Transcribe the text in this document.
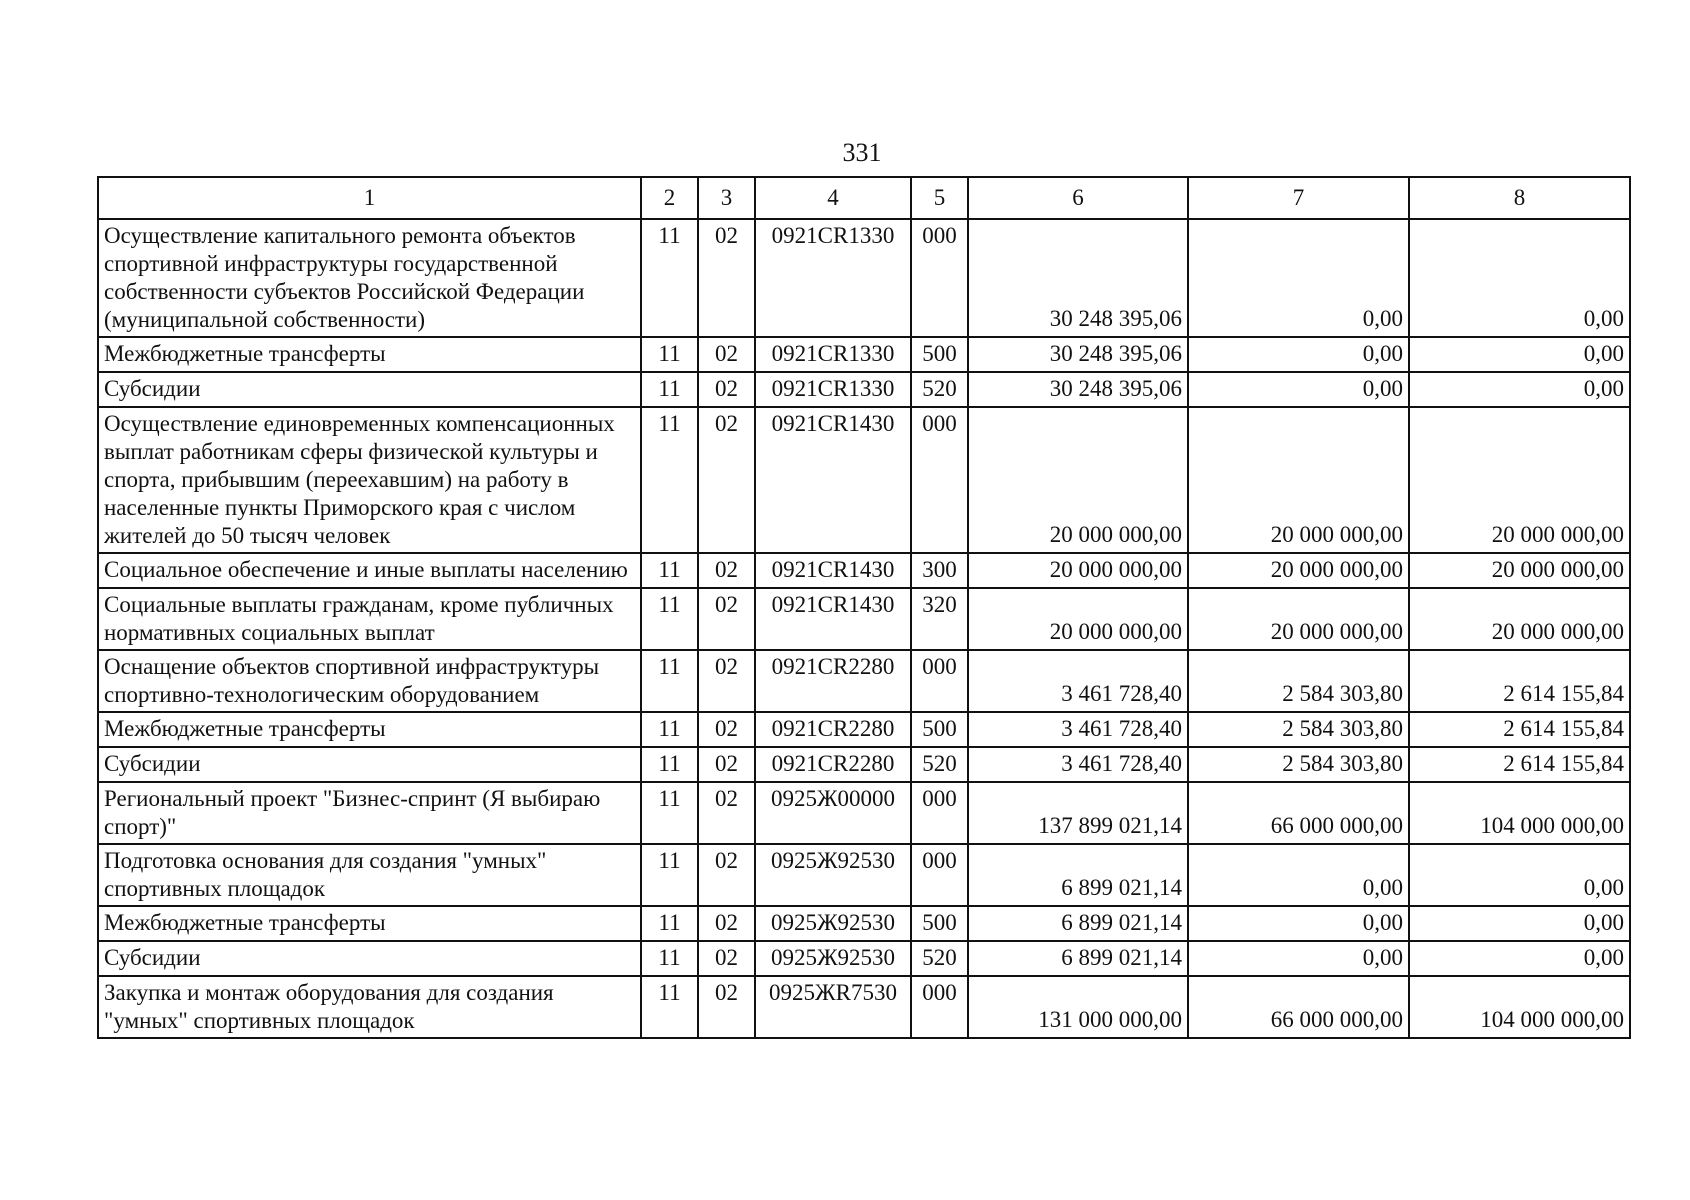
331
1	2	3	4	5	6	7	8
Осуществление капитального ремонта объектов спортивной инфраструктуры государственной собственности субъектов Российской Федерации (муниципальной собственности)	11	02	0921CR1330	000	30 248 395,06	0,00	0,00
Межбюджетные трансферты	11	02	0921CR1330	500	30 248 395,06	0,00	0,00
Субсидии	11	02	0921CR1330	520	30 248 395,06	0,00	0,00
Осуществление единовременных компенсационных выплат работникам сферы физической культуры и спорта, прибывшим (переехавшим) на работу в населенные пункты Приморского края с числом жителей до 50 тысяч человек	11	02	0921CR1430	000	20 000 000,00	20 000 000,00	20 000 000,00
Социальное обеспечение и иные выплаты населению	11	02	0921CR1430	300	20 000 000,00	20 000 000,00	20 000 000,00
Социальные выплаты гражданам, кроме публичных нормативных социальных выплат	11	02	0921CR1430	320	20 000 000,00	20 000 000,00	20 000 000,00
Оснащение объектов спортивной инфраструктуры спортивно-технологическим оборудованием	11	02	0921CR2280	000	3 461 728,40	2 584 303,80	2 614 155,84
Межбюджетные трансферты	11	02	0921CR2280	500	3 461 728,40	2 584 303,80	2 614 155,84
Субсидии	11	02	0921CR2280	520	3 461 728,40	2 584 303,80	2 614 155,84
Региональный проект "Бизнес-спринт (Я выбираю спорт)"	11	02	0925Ж00000	000	137 899 021,14	66 000 000,00	104 000 000,00
Подготовка основания для создания "умных" спортивных площадок	11	02	0925Ж92530	000	6 899 021,14	0,00	0,00
Межбюджетные трансферты	11	02	0925Ж92530	500	6 899 021,14	0,00	0,00
Субсидии	11	02	0925Ж92530	520	6 899 021,14	0,00	0,00
Закупка и монтаж оборудования для создания "умных" спортивных площадок	11	02	0925ЖR7530	000	131 000 000,00	66 000 000,00	104 000 000,00
